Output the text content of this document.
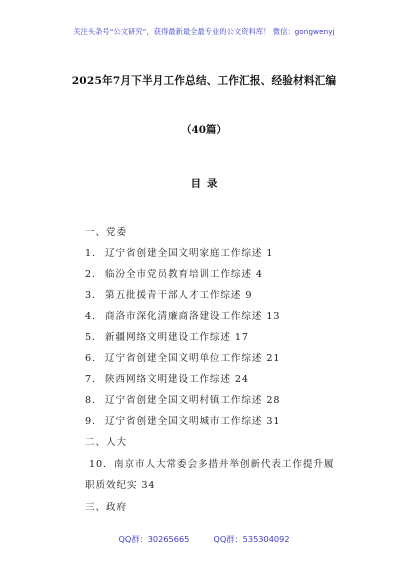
关注头条号“公文研究”，获得最新最全最专业的公文资料库！ 微信：gongwenyj
2025年7月下半月工作总结、工作汇报、经验材料汇编
（40篇）
目录
一、党委
1. 辽宁省创建全国文明家庭工作综述 1
2. 临汾全市党员教育培训工作综述 4
3. 第五批援青干部人才工作综述 9
4. 商洛市深化清廉商洛建设工作综述 13
5. 新疆网络文明建设工作综述 17
6. 辽宁省创建全国文明单位工作综述 21
7. 陕西网络文明建设工作综述 24
8. 辽宁省创建全国文明村镇工作综述 28
9. 辽宁省创建全国文明城市工作综述 31
二、人大
10. 南京市人大常委会多措并举创新代表工作提升履
职质效纪实 34
三、政府
QQ群：30265665	QQ群：535304092
